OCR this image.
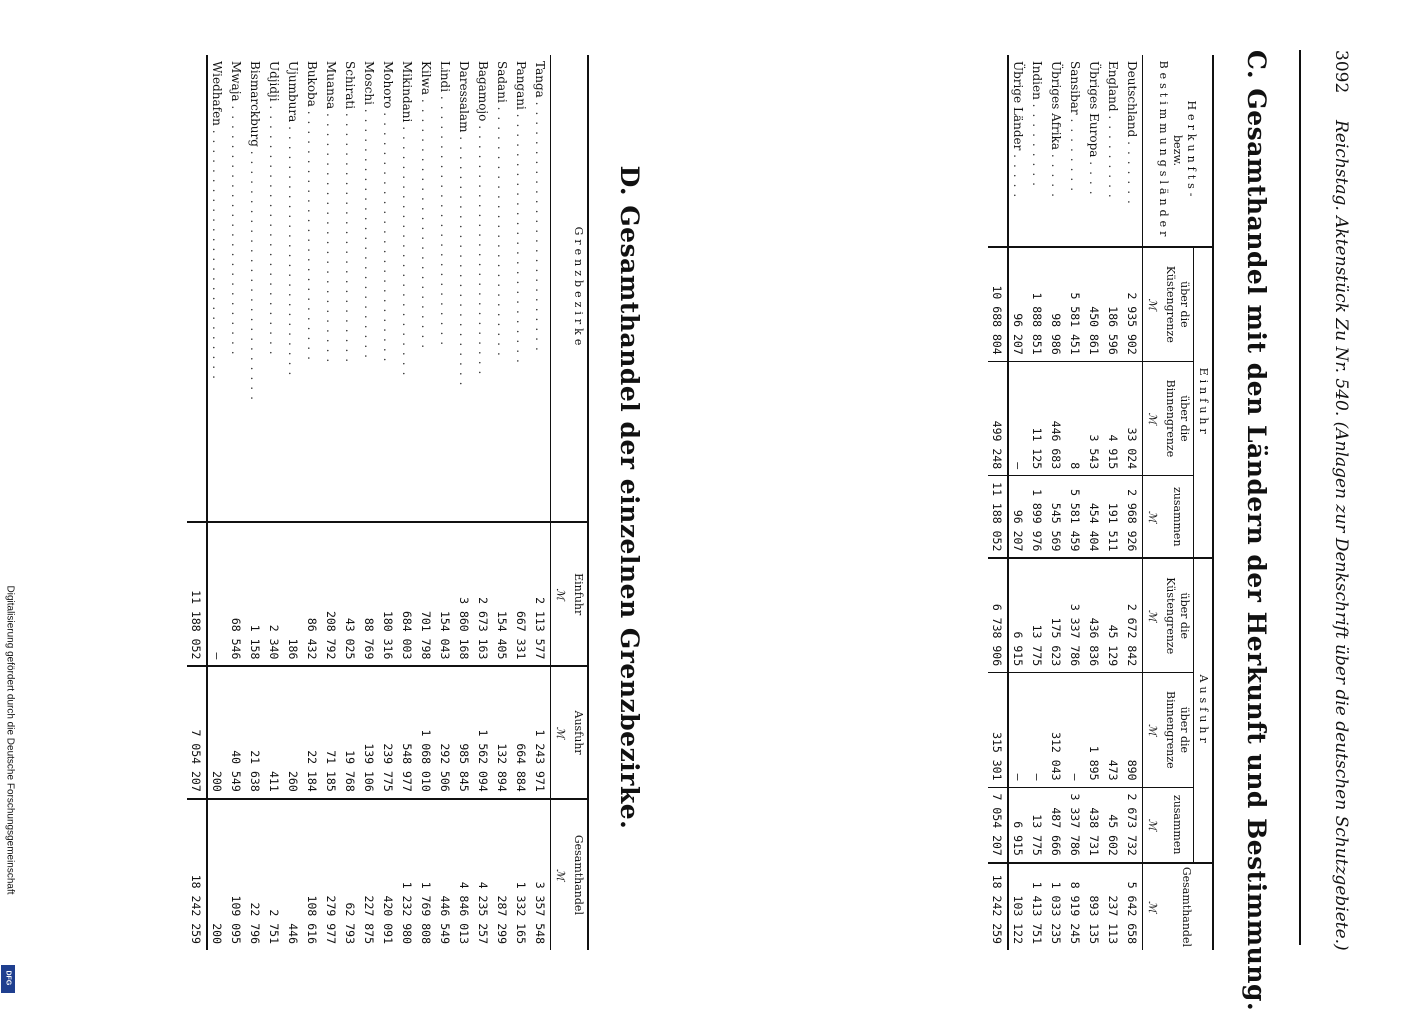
3092
Reichstag. Aktenstück Zu Nr. 540. (Anlagen zur Denkschrift über die deutschen Schutzgebiete.)
C. Gesamthandel mit den Ländern der Herkunft und Bestimmung.
Herkunfts-
bezw.
Bestimmungsländer	Einfuhr			Ausfuhr			Gesamthandel
	über die Küstengrenze	über die Binnengrenze	zusammen	über die Küstengrenze	über die Binnengrenze	zusammen	
	ℳ	ℳ	ℳ	ℳ	ℳ	ℳ	ℳ
Deutschland .......	2 935 902	33 024	2 968 926	2 672 842	890	2 673 732	5 642 658
England .........	186 596	4 915	191 511	45 129	473	45 602	237 113
Übriges Europa ....	450 861	3 543	454 404	436 836	1 895	438 731	893 135
Sansibar ........	5 581 451	8	5 581 459	3 337 786	—	3 337 786	8 919 245
Übriges Afrika .....	98 986	446 683	545 569	175 623	312 043	487 666	1 033 235
Indien .........	1 888 851	11 125	1 899 976	13 775	—	13 775	1 413 751
Übrige Länder .....	96 207	—	96 207	6 915	—	6 915	103 122
	10 688 804	499 248	11 188 052	6 738 906	315 301	7 054 207	18 242 259
D. Gesamthandel der einzelnen Grenzbezirke.
Grenzbezirke	Einfuhr	Ausfuhr	Gesamthandel
	ℳ	ℳ	ℳ
Tanga ..........................	2 113 577	1 243 971	3 357 548
Pangani ..........................	667 331	664 884	1 332 165
Sadani ..........................	154 405	132 894	287 299
Bagamojo ..........................	2 673 163	1 562 094	4 235 257
Daressalam ..........................	3 860 168	985 845	4 846 013
Lindi ..........................	154 043	292 506	446 549
Kilwa ..........................	701 798	1 068 010	1 769 808
Mikindani ..........................	684 003	548 977	1 232 980
Mohoro ..........................	180 316	239 775	420 091
Moschi ..........................	88 769	139 106	227 875
Schirati ..........................	43 025	19 768	62 793
Muansa ..........................	208 792	71 185	279 977
Bukoba ..........................	86 432	22 184	108 616
Ujumbura ..........................	186	260	446
Udjidji ..........................	2 340	411	2 751
Bismarckburg ..........................	1 158	21 638	22 796
Mwaja ..........................	68 546	40 549	109 095
Wiedhafen ..........................	—	200	200
	11 188 052	7 054 207	18 242 259
Digitalisierung gefördert durch die Deutsche Forschungsgemeinschaft
DFG
